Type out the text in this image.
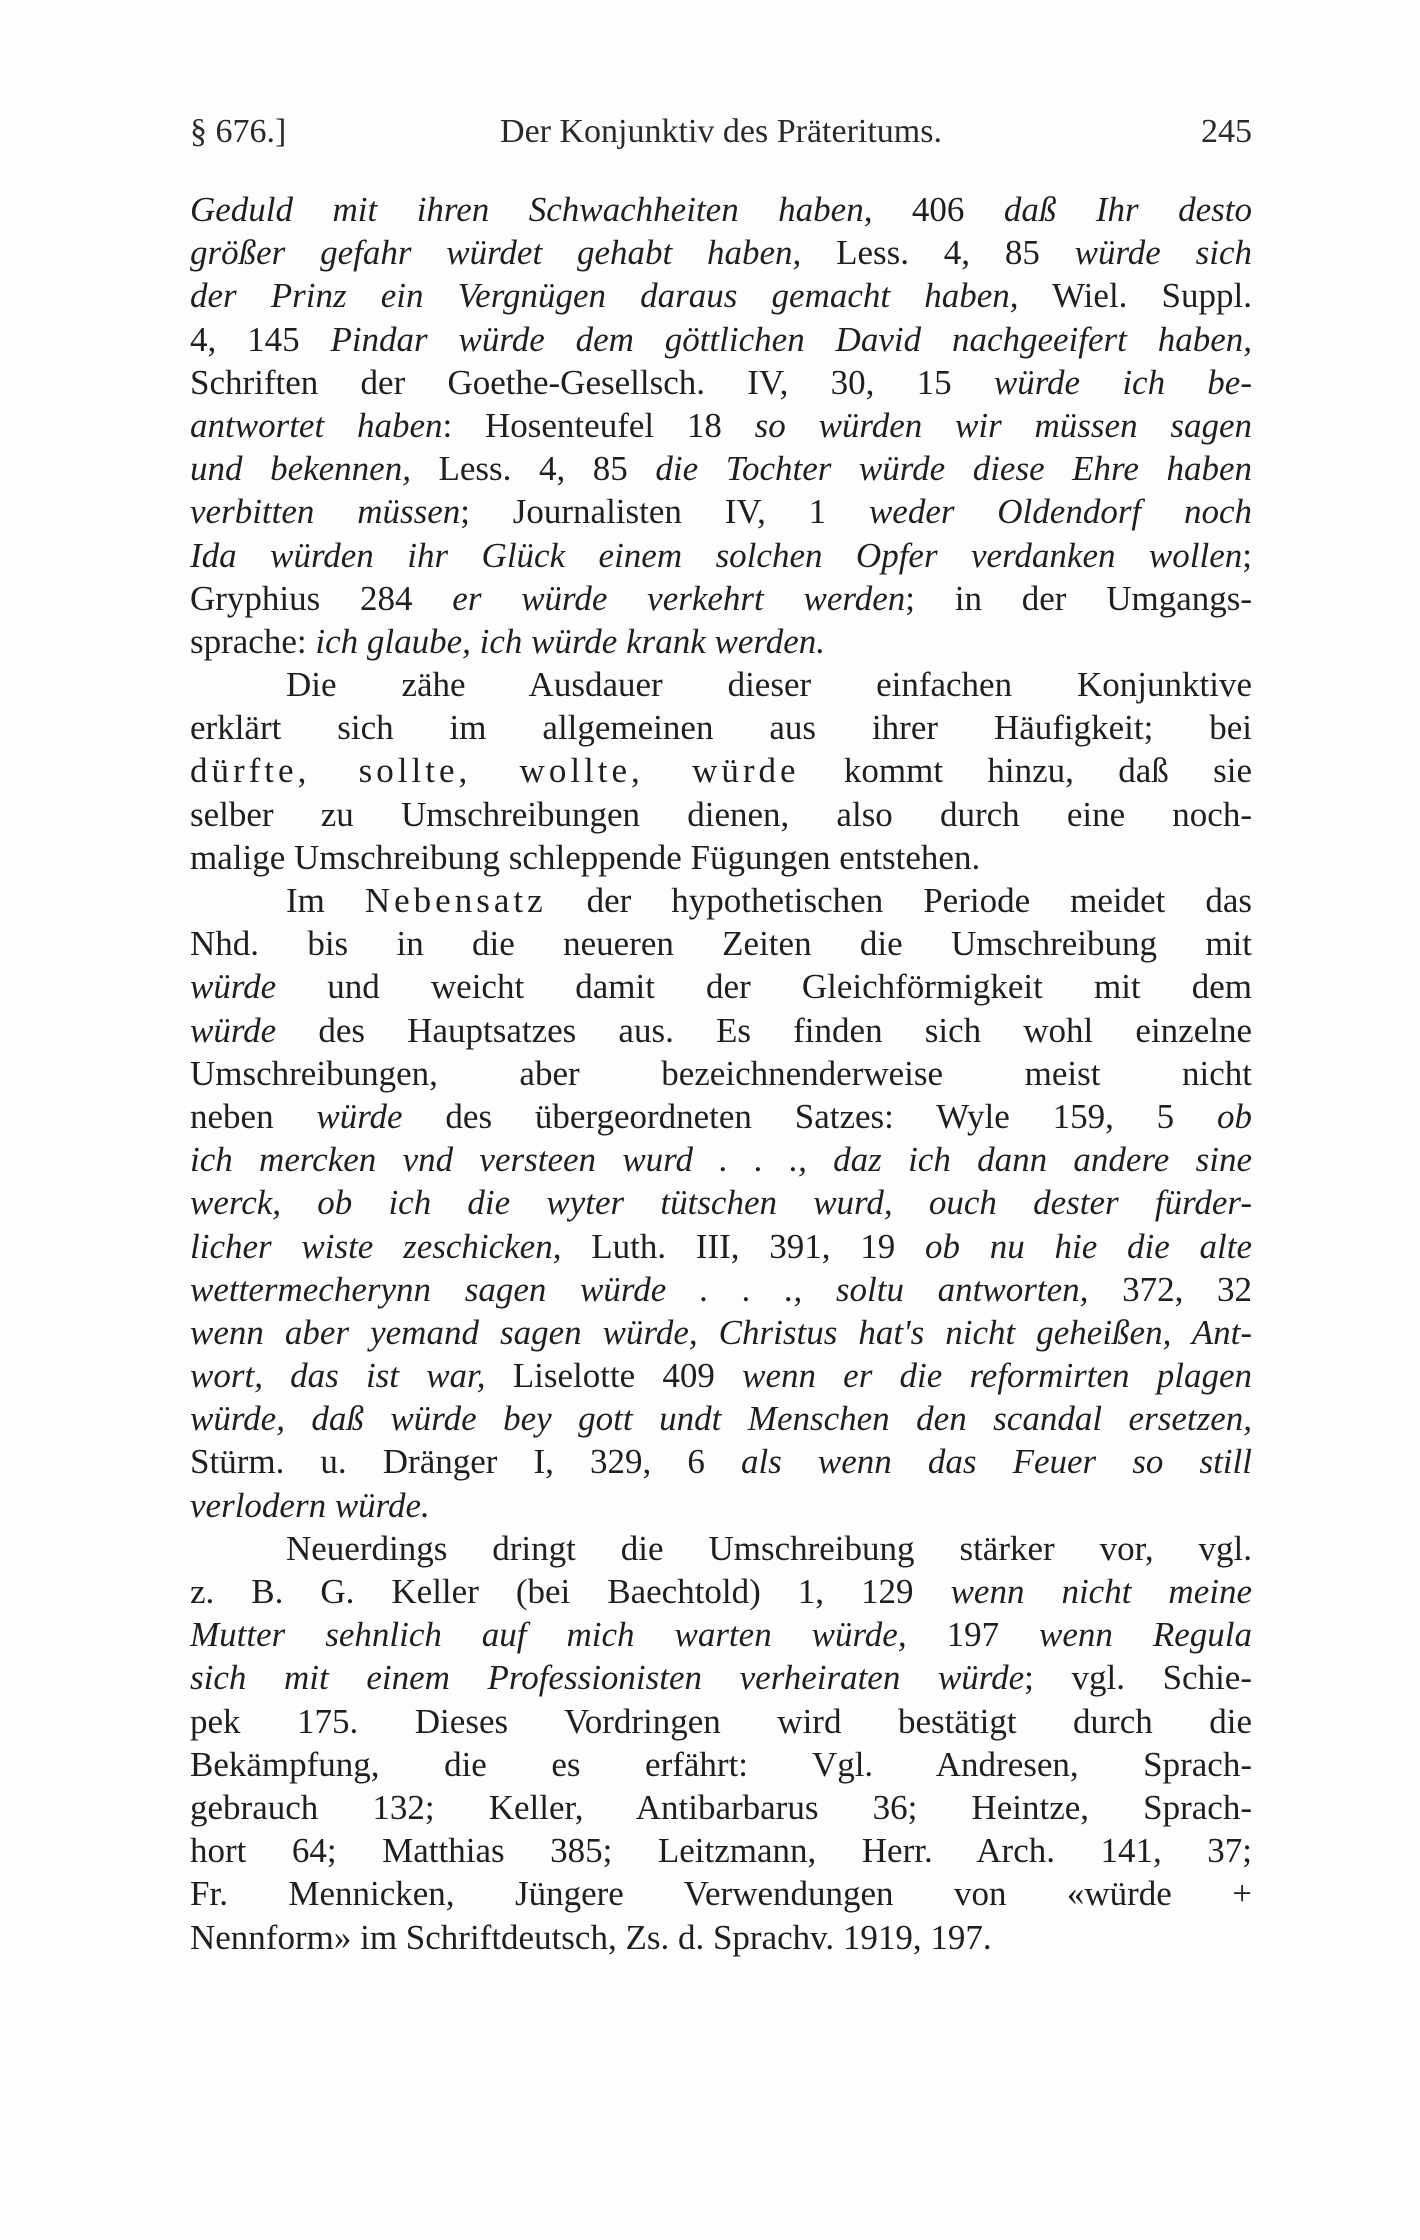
§ 676.]	Der Konjunktiv des Präteritums.	245
Geduld mit ihren Schwachheiten haben, 406 daß Ihr desto
größer gefahr würdet gehabt haben, Less. 4, 85 würde sich
der Prinz ein Vergnügen daraus gemacht haben, Wiel. Suppl.
4, 145 Pindar würde dem göttlichen David nachgeeifert haben,
Schriften der Goethe-Gesellsch. IV, 30, 15 würde ich be-
antwortet haben: Hosenteufel 18 so würden wir müssen sagen
und bekennen, Less. 4, 85 die Tochter würde diese Ehre haben
verbitten müssen; Journalisten IV, 1 weder Oldendorf noch
Ida würden ihr Glück einem solchen Opfer verdanken wollen;
Gryphius 284 er würde verkehrt werden; in der Umgangs-
sprache: ich glaube, ich würde krank werden.
Die zähe Ausdauer dieser einfachen Konjunktive
erklärt sich im allgemeinen aus ihrer Häufigkeit; bei
dürfte, sollte, wollte, würde kommt hinzu, daß sie
selber zu Umschreibungen dienen, also durch eine noch-
malige Umschreibung schleppende Fügungen entstehen.
Im Nebensatz der hypothetischen Periode meidet das
Nhd. bis in die neueren Zeiten die Umschreibung mit
würde und weicht damit der Gleichförmigkeit mit dem
würde des Hauptsatzes aus. Es finden sich wohl einzelne
Umschreibungen, aber bezeichnenderweise meist nicht
neben würde des übergeordneten Satzes: Wyle 159, 5 ob
ich mercken vnd versteen wurd . . ., daz ich dann andere sine
werck, ob ich die wyter tütschen wurd, ouch dester fürder-
licher wiste zeschicken, Luth. III, 391, 19 ob nu hie die alte
wettermecherynn sagen würde . . ., soltu antworten, 372, 32
wenn aber yemand sagen würde, Christus hat's nicht geheißen, Ant-
wort, das ist war, Liselotte 409 wenn er die reformirten plagen
würde, daß würde bey gott undt Menschen den scandal ersetzen,
Stürm. u. Dränger I, 329, 6 als wenn das Feuer so still
verlodern würde.
Neuerdings dringt die Umschreibung stärker vor, vgl.
z. B. G. Keller (bei Baechtold) 1, 129 wenn nicht meine
Mutter sehnlich auf mich warten würde, 197 wenn Regula
sich mit einem Professionisten verheiraten würde; vgl. Schie-
pek 175. Dieses Vordringen wird bestätigt durch die
Bekämpfung, die es erfährt: Vgl. Andresen, Sprach-
gebrauch 132; Keller, Antibarbarus 36; Heintze, Sprach-
hort 64; Matthias 385; Leitzmann, Herr. Arch. 141, 37;
Fr. Mennicken, Jüngere Verwendungen von «würde +
Nennform» im Schriftdeutsch, Zs. d. Sprachv. 1919, 197.
